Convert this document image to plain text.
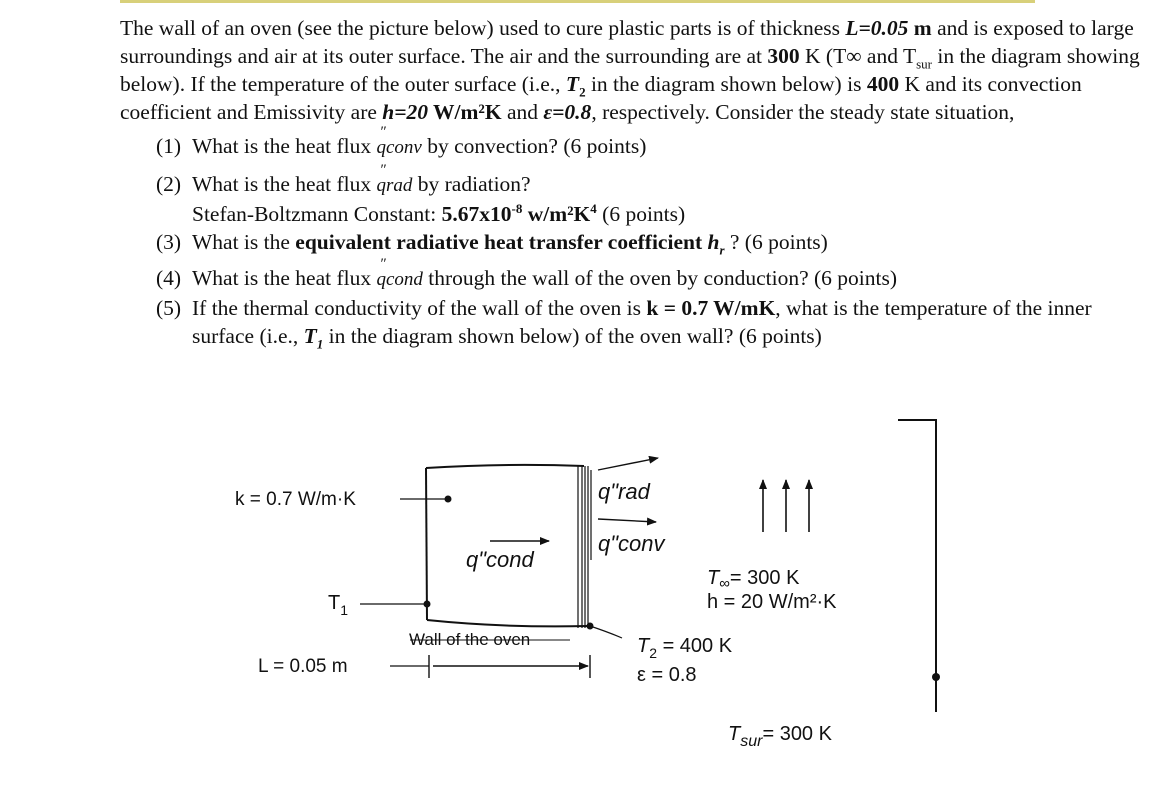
The wall of an oven (see the picture below) used to cure plastic parts is of thickness L=0.05 m and is exposed to large surroundings and air at its outer surface. The air and the surrounding are at 300 K (T∞ and $T_{sur}$ in the diagram showing below). If the temperature of the outer surface (i.e., $T_2$ in the diagram shown below) is 400 K and its convection coefficient and Emissivity are h=20 W/m²K and ε=0.8, respectively. Consider the steady state situation,

(1) What is the heat flux ″ qconv by convection? (6 points)

(2) What is the heat flux ″ qrad by radiation?
Stefan-Boltzmann Constant: $5.67x10^{-8}$ $w/m^2K^4$ (6 points)

(3) What is the equivalent radiative heat transfer coefficient $h_r$ ? (6 points)

(4) What is the heat flux ″ qcond through the wall of the oven by conduction? (6 points)

(5) If the thermal conductivity of the wall of the oven is k = 0.7 W/mK, what is the temperature of the inner surface (i.e., $T_1$ in the diagram shown below) of the oven wall? (6 points)

k = 0.7 W/m·K
$T_1$
q"cond
Wall of the oven
L = 0.05 m
q"rad
q"conv
$T_\infty= 300$ K
h = 20 W/m²·K
$T_2 = 400$ K
ε = 0.8
$T_{sur}= 300$ K
